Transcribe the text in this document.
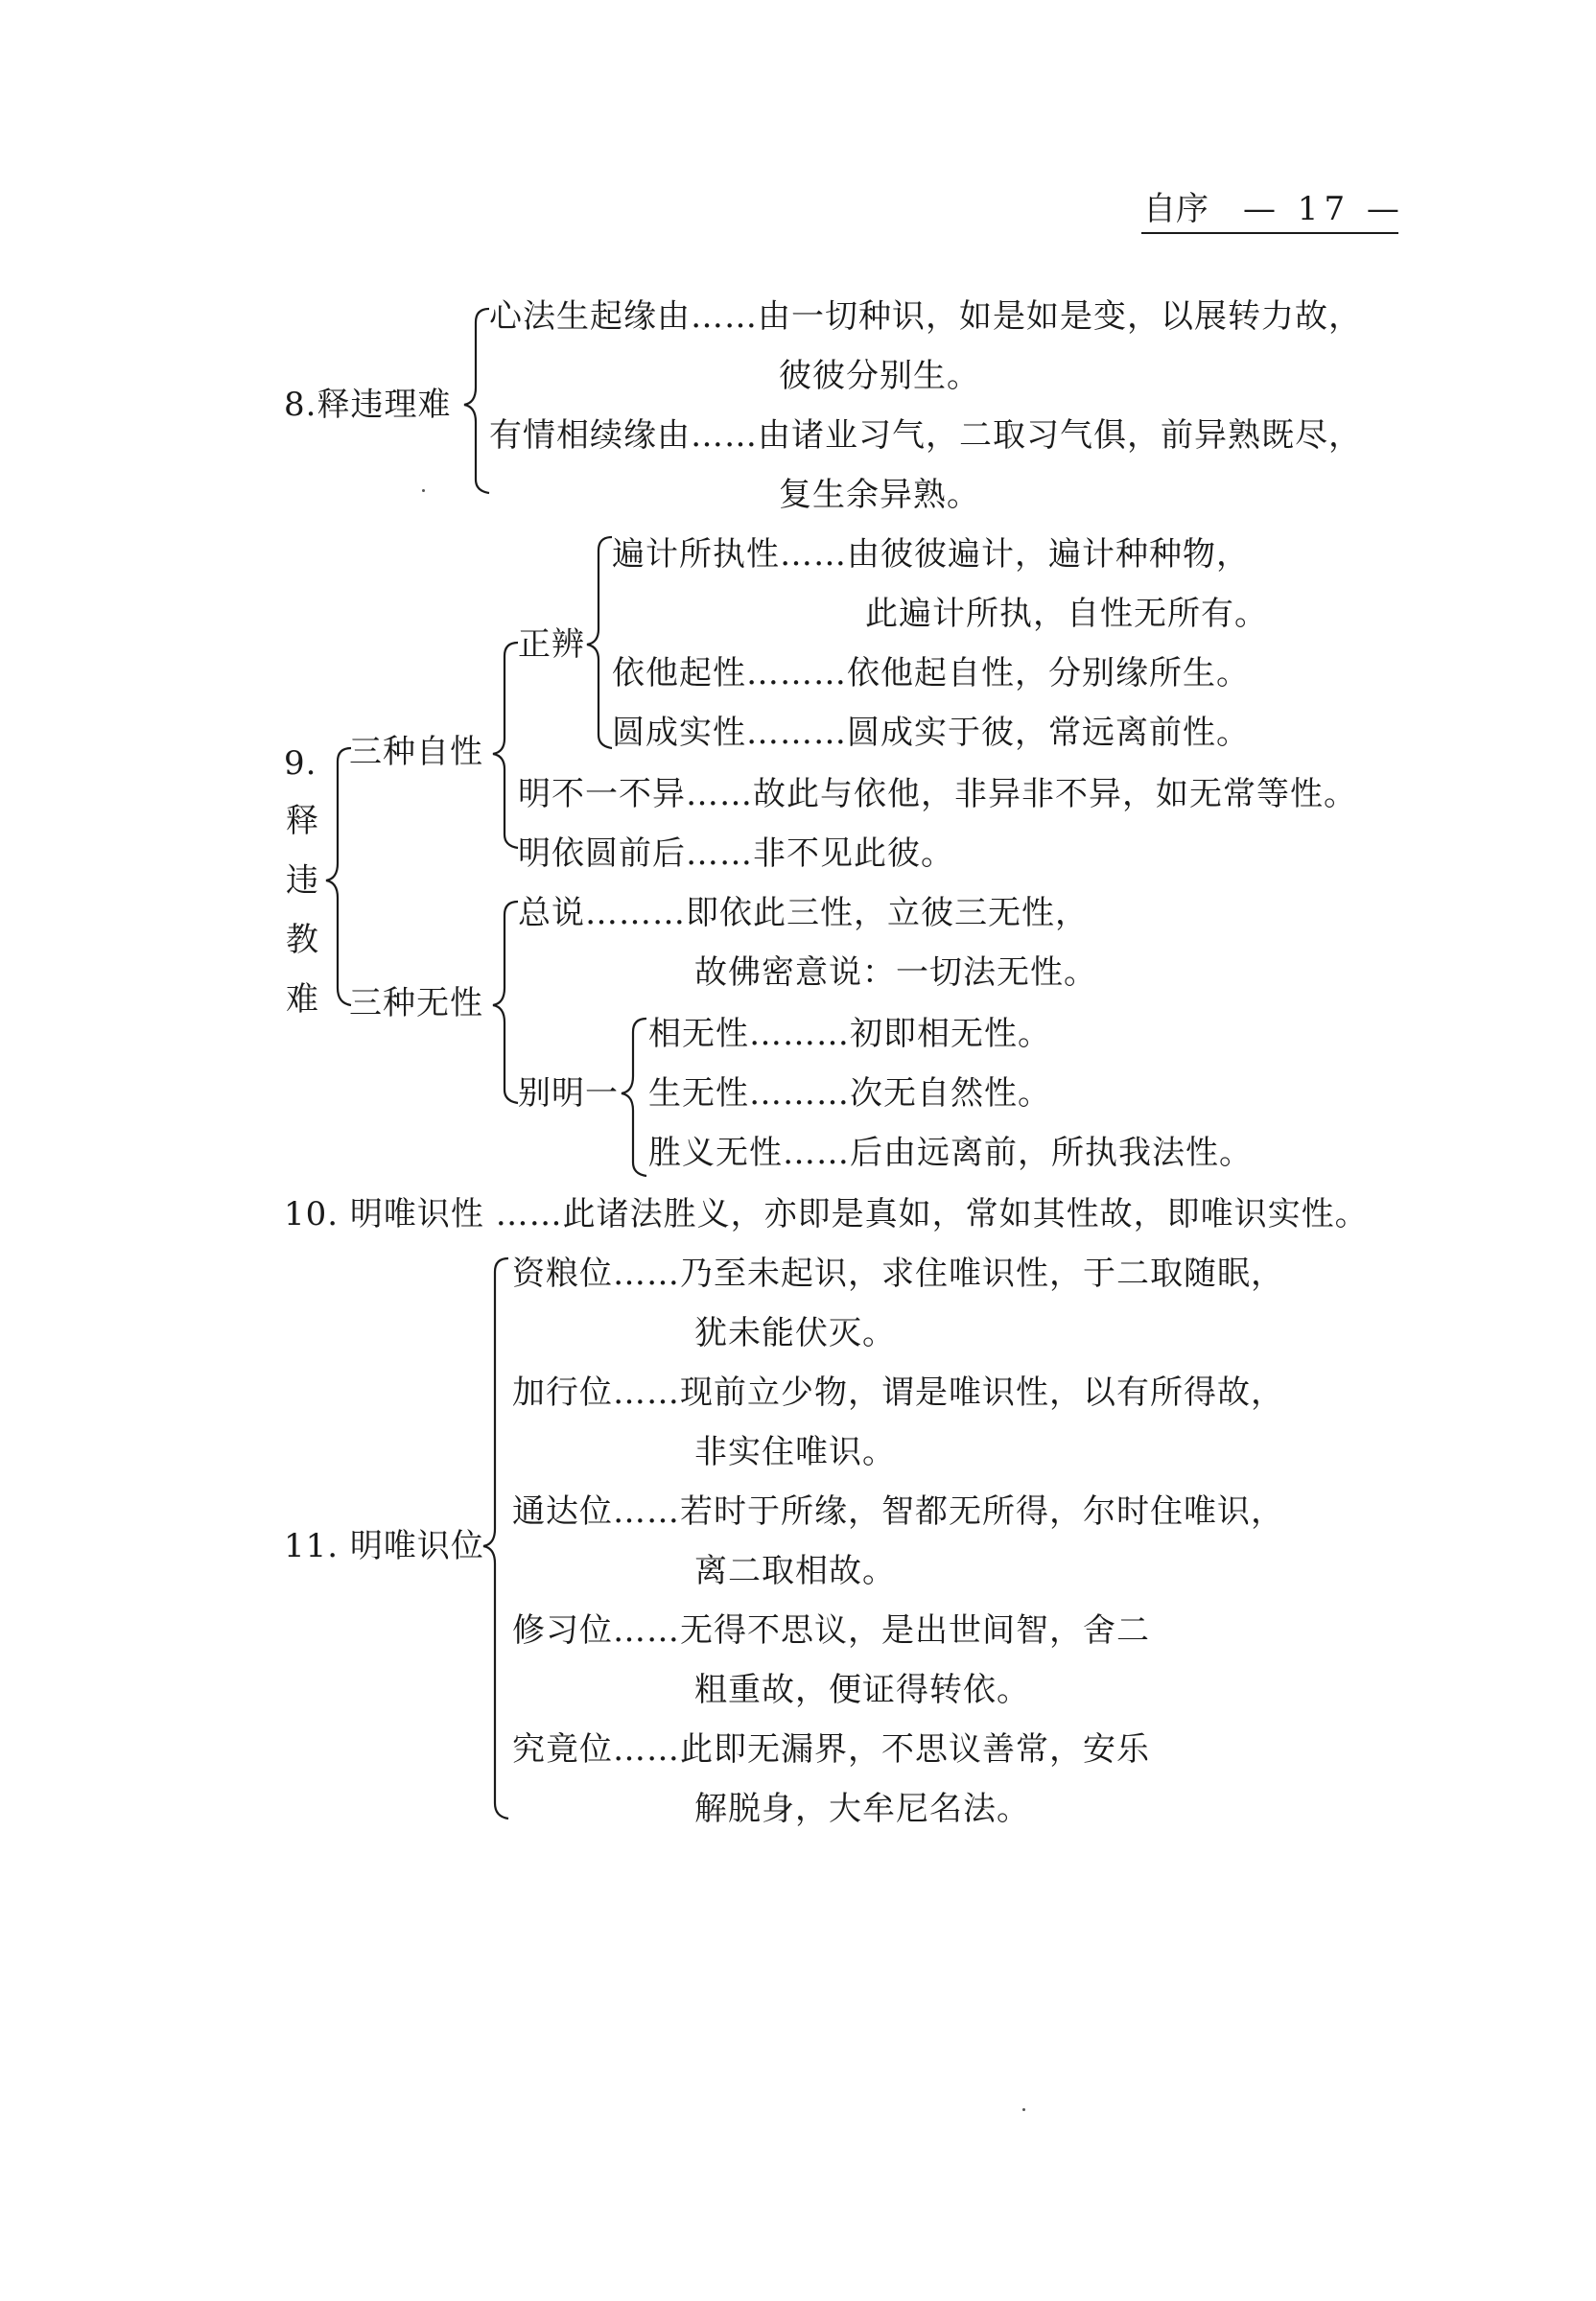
自序 — 17 —
8.释违理难
心法生起缘由……由一切种识，如是如是变，以展转力故，
彼彼分别生。
有情相续缘由……由诸业习气，二取习气俱，前异熟既尽，
复生余异熟。
9.
释
违
教
难
三种自性
正辨
遍计所执性……由彼彼遍计，遍计种种物，
此遍计所执，自性无所有。
依他起性………依他起自性，分别缘所生。
圆成实性………圆成实于彼，常远离前性。
明不一不异……故此与依他，非异非不异，如无常等性。
明依圆前后……非不见此彼。
三种无性
总说………即依此三性，立彼三无性，
故佛密意说：一切法无性。
别明一
相无性………初即相无性。
生无性………次无自然性。
胜义无性……后由远离前，所执我法性。
10. 明唯识性 ……此诸法胜义，亦即是真如，常如其性故，即唯识实性。
11. 明唯识位
资粮位……乃至未起识，求住唯识性，于二取随眠，
犹未能伏灭。
加行位……现前立少物，谓是唯识性，以有所得故，
非实住唯识。
通达位……若时于所缘，智都无所得，尔时住唯识，
离二取相故。
修习位……无得不思议，是出世间智，舍二
粗重故，便证得转依。
究竟位……此即无漏界，不思议善常，安乐
解脱身，大牟尼名法。
